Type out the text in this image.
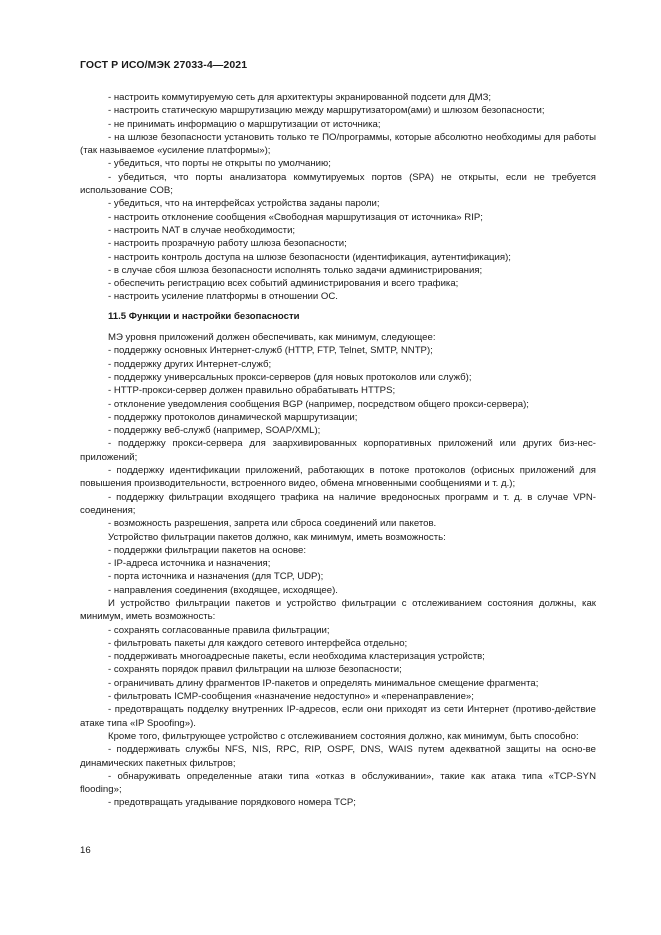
ГОСТ Р ИСО/МЭК 27033-4—2021

- настроить коммутируемую сеть для архитектуры экранированной подсети для ДМЗ;

- настроить статическую маршрутизацию между маршрутизатором(ами) и шлюзом безопасности;

- не принимать информацию о маршрутизации от источника;

- на шлюзе безопасности установить только те ПО/программы, которые абсолютно необходимы для работы (так называемое «усиление платформы»);

- убедиться, что порты не открыты по умолчанию;

- убедиться, что порты анализатора коммутируемых портов (SPA) не открыты, если не требуется использование СОВ;

- убедиться, что на интерфейсах устройства заданы пароли;

- настроить отклонение сообщения «Свободная маршрутизация от источника» RIP;

- настроить NAT в случае необходимости;

- настроить прозрачную работу шлюза безопасности;

- настроить контроль доступа на шлюзе безопасности (идентификация, аутентификация);

- в случае сбоя шлюза безопасности исполнять только задачи администрирования;

- обеспечить регистрацию всех событий администрирования и всего трафика;

- настроить усиление платформы в отношении ОС.

11.5 Функции и настройки безопасности

МЭ уровня приложений должен обеспечивать, как минимум, следующее:

- поддержку основных Интернет-служб (HTTP, FTP, Telnet, SMTP, NNTP);

- поддержку других Интернет-служб;

- поддержку универсальных прокси-серверов (для новых протоколов или служб);

- HTTP-прокси-сервер должен правильно обрабатывать HTTPS;

- отклонение уведомления сообщения BGP (например, посредством общего прокси-сервера);

- поддержку протоколов динамической маршрутизации;

- поддержку веб-служб (например, SOAP/XML);

- поддержку прокси-сервера для заархивированных корпоративных приложений или других биз-нес-приложений;

- поддержку идентификации приложений, работающих в потоке протоколов (офисных приложений для повышения производительности, встроенного видео, обмена мгновенными сообщениями и т. д.);

- поддержку фильтрации входящего трафика на наличие вредоносных программ и т. д. в случае VPN-соединения;

- возможность разрешения, запрета или сброса соединений или пакетов.

Устройство фильтрации пакетов должно, как минимум, иметь возможность:

- поддержки фильтрации пакетов на основе:

- IP-адреса источника и назначения;

- порта источника и назначения (для TCP, UDP);

- направления соединения (входящее, исходящее).

И устройство фильтрации пакетов и устройство фильтрации с отслеживанием состояния должны, как минимум, иметь возможность:

- сохранять согласованные правила фильтрации;

- фильтровать пакеты для каждого сетевого интерфейса отдельно;

- поддерживать многоадресные пакеты, если необходима кластеризация устройств;

- сохранять порядок правил фильтрации на шлюзе безопасности;

- ограничивать длину фрагментов IP-пакетов и определять минимальное смещение фрагмента;

- фильтровать ICMP-сообщения «назначение недоступно» и «перенаправление»;

- предотвращать подделку внутренних IP-адресов, если они приходят из сети Интернет (противо-действие атаке типа «IP Spoofing»).

Кроме того, фильтрующее устройство с отслеживанием состояния должно, как минимум, быть способно:

- поддерживать службы NFS, NIS, RPC, RIP, OSPF, DNS, WAIS путем адекватной защиты на осно-ве динамических пакетных фильтров;

- обнаруживать определенные атаки типа «отказ в обслуживании», такие как атака типа «TCP-SYN flooding»;

- предотвращать угадывание порядкового номера TCP;

16
